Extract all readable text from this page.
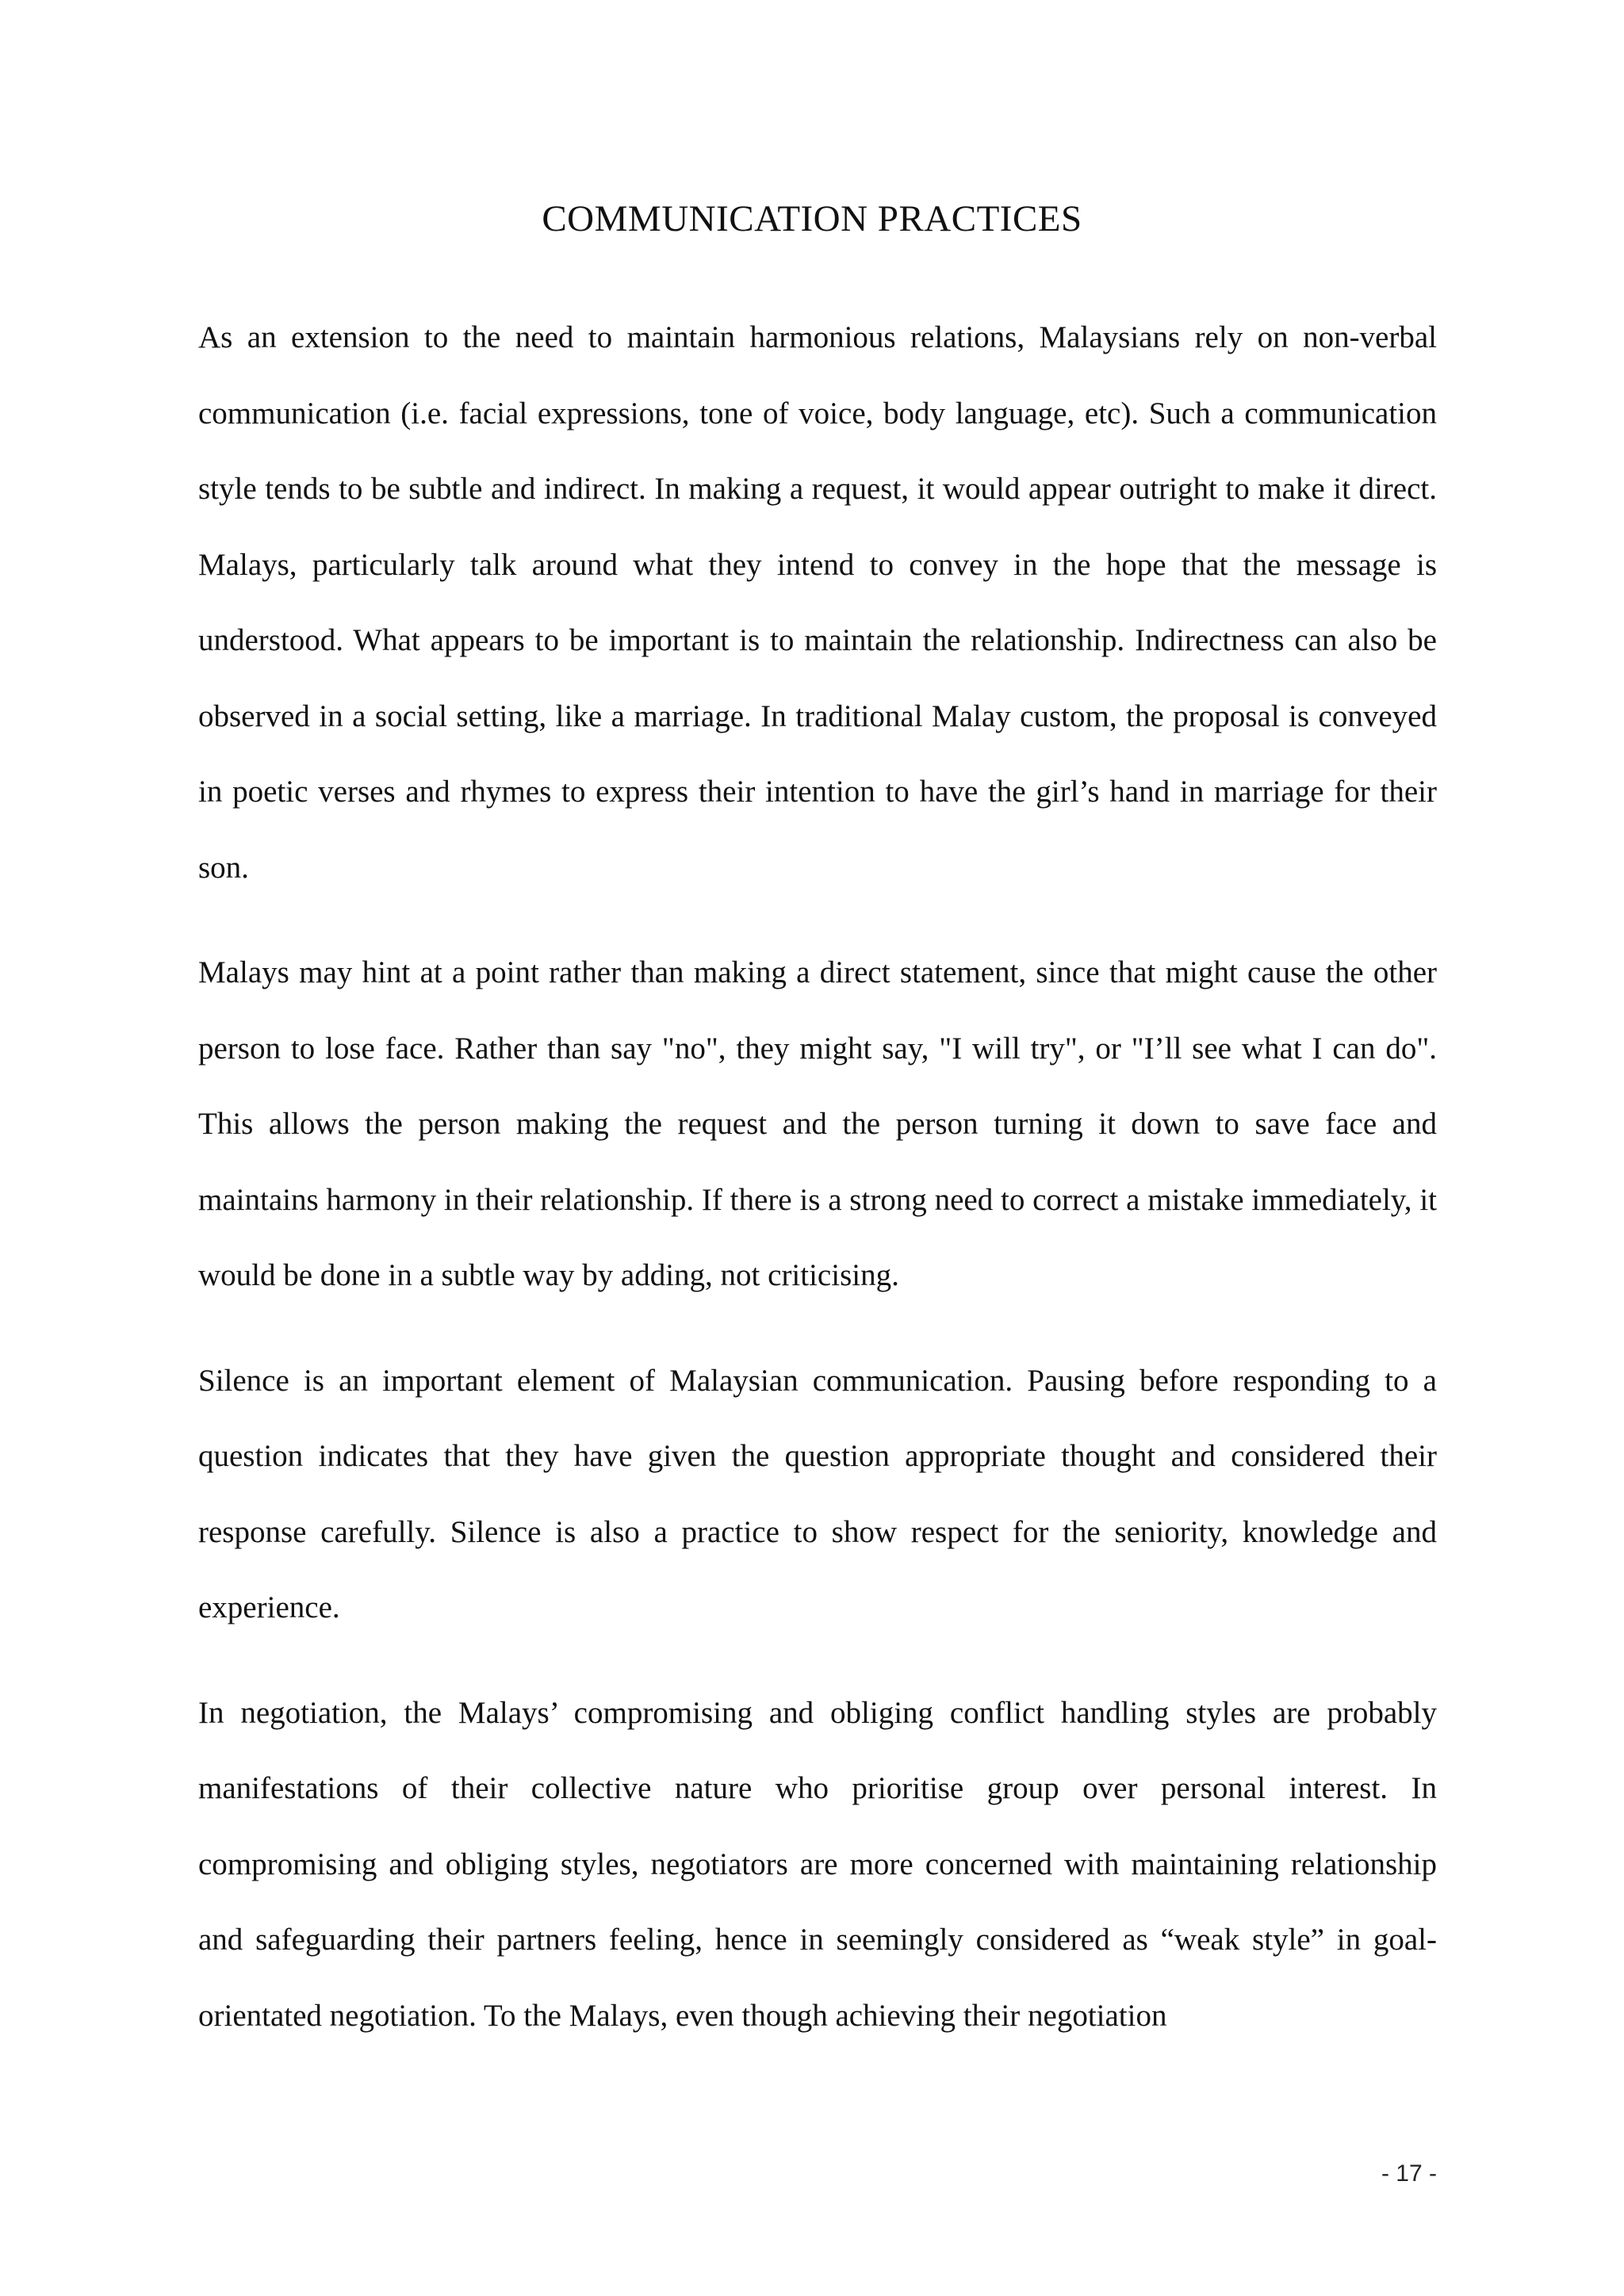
COMMUNICATION PRACTICES

As an extension to the need to maintain harmonious relations, Malaysians rely on non-verbal communication (i.e. facial expressions, tone of voice, body language, etc). Such a communication style tends to be subtle and indirect. In making a request, it would appear outright to make it direct. Malays, particularly talk around what they intend to convey in the hope that the message is understood. What appears to be important is to maintain the relationship. Indirectness can also be observed in a social setting, like a marriage. In traditional Malay custom, the proposal is conveyed in poetic verses and rhymes to express their intention to have the girl’s hand in marriage for their son.

Malays may hint at a point rather than making a direct statement, since that might cause the other person to lose face. Rather than say "no", they might say, "I will try", or "I’ll see what I can do". This allows the person making the request and the person turning it down to save face and maintains harmony in their relationship. If there is a strong need to correct a mistake immediately, it would be done in a subtle way by adding, not criticising.

Silence is an important element of Malaysian communication. Pausing before responding to a question indicates that they have given the question appropriate thought and considered their response carefully. Silence is also a practice to show respect for the seniority, knowledge and experience.

In negotiation, the Malays’ compromising and obliging conflict handling styles are probably manifestations of their collective nature who prioritise group over personal interest. In compromising and obliging styles, negotiators are more concerned with maintaining relationship and safeguarding their partners feeling, hence in seemingly considered as “weak style” in goal-orientated negotiation. To the Malays, even though achieving their negotiation

- 17 -
